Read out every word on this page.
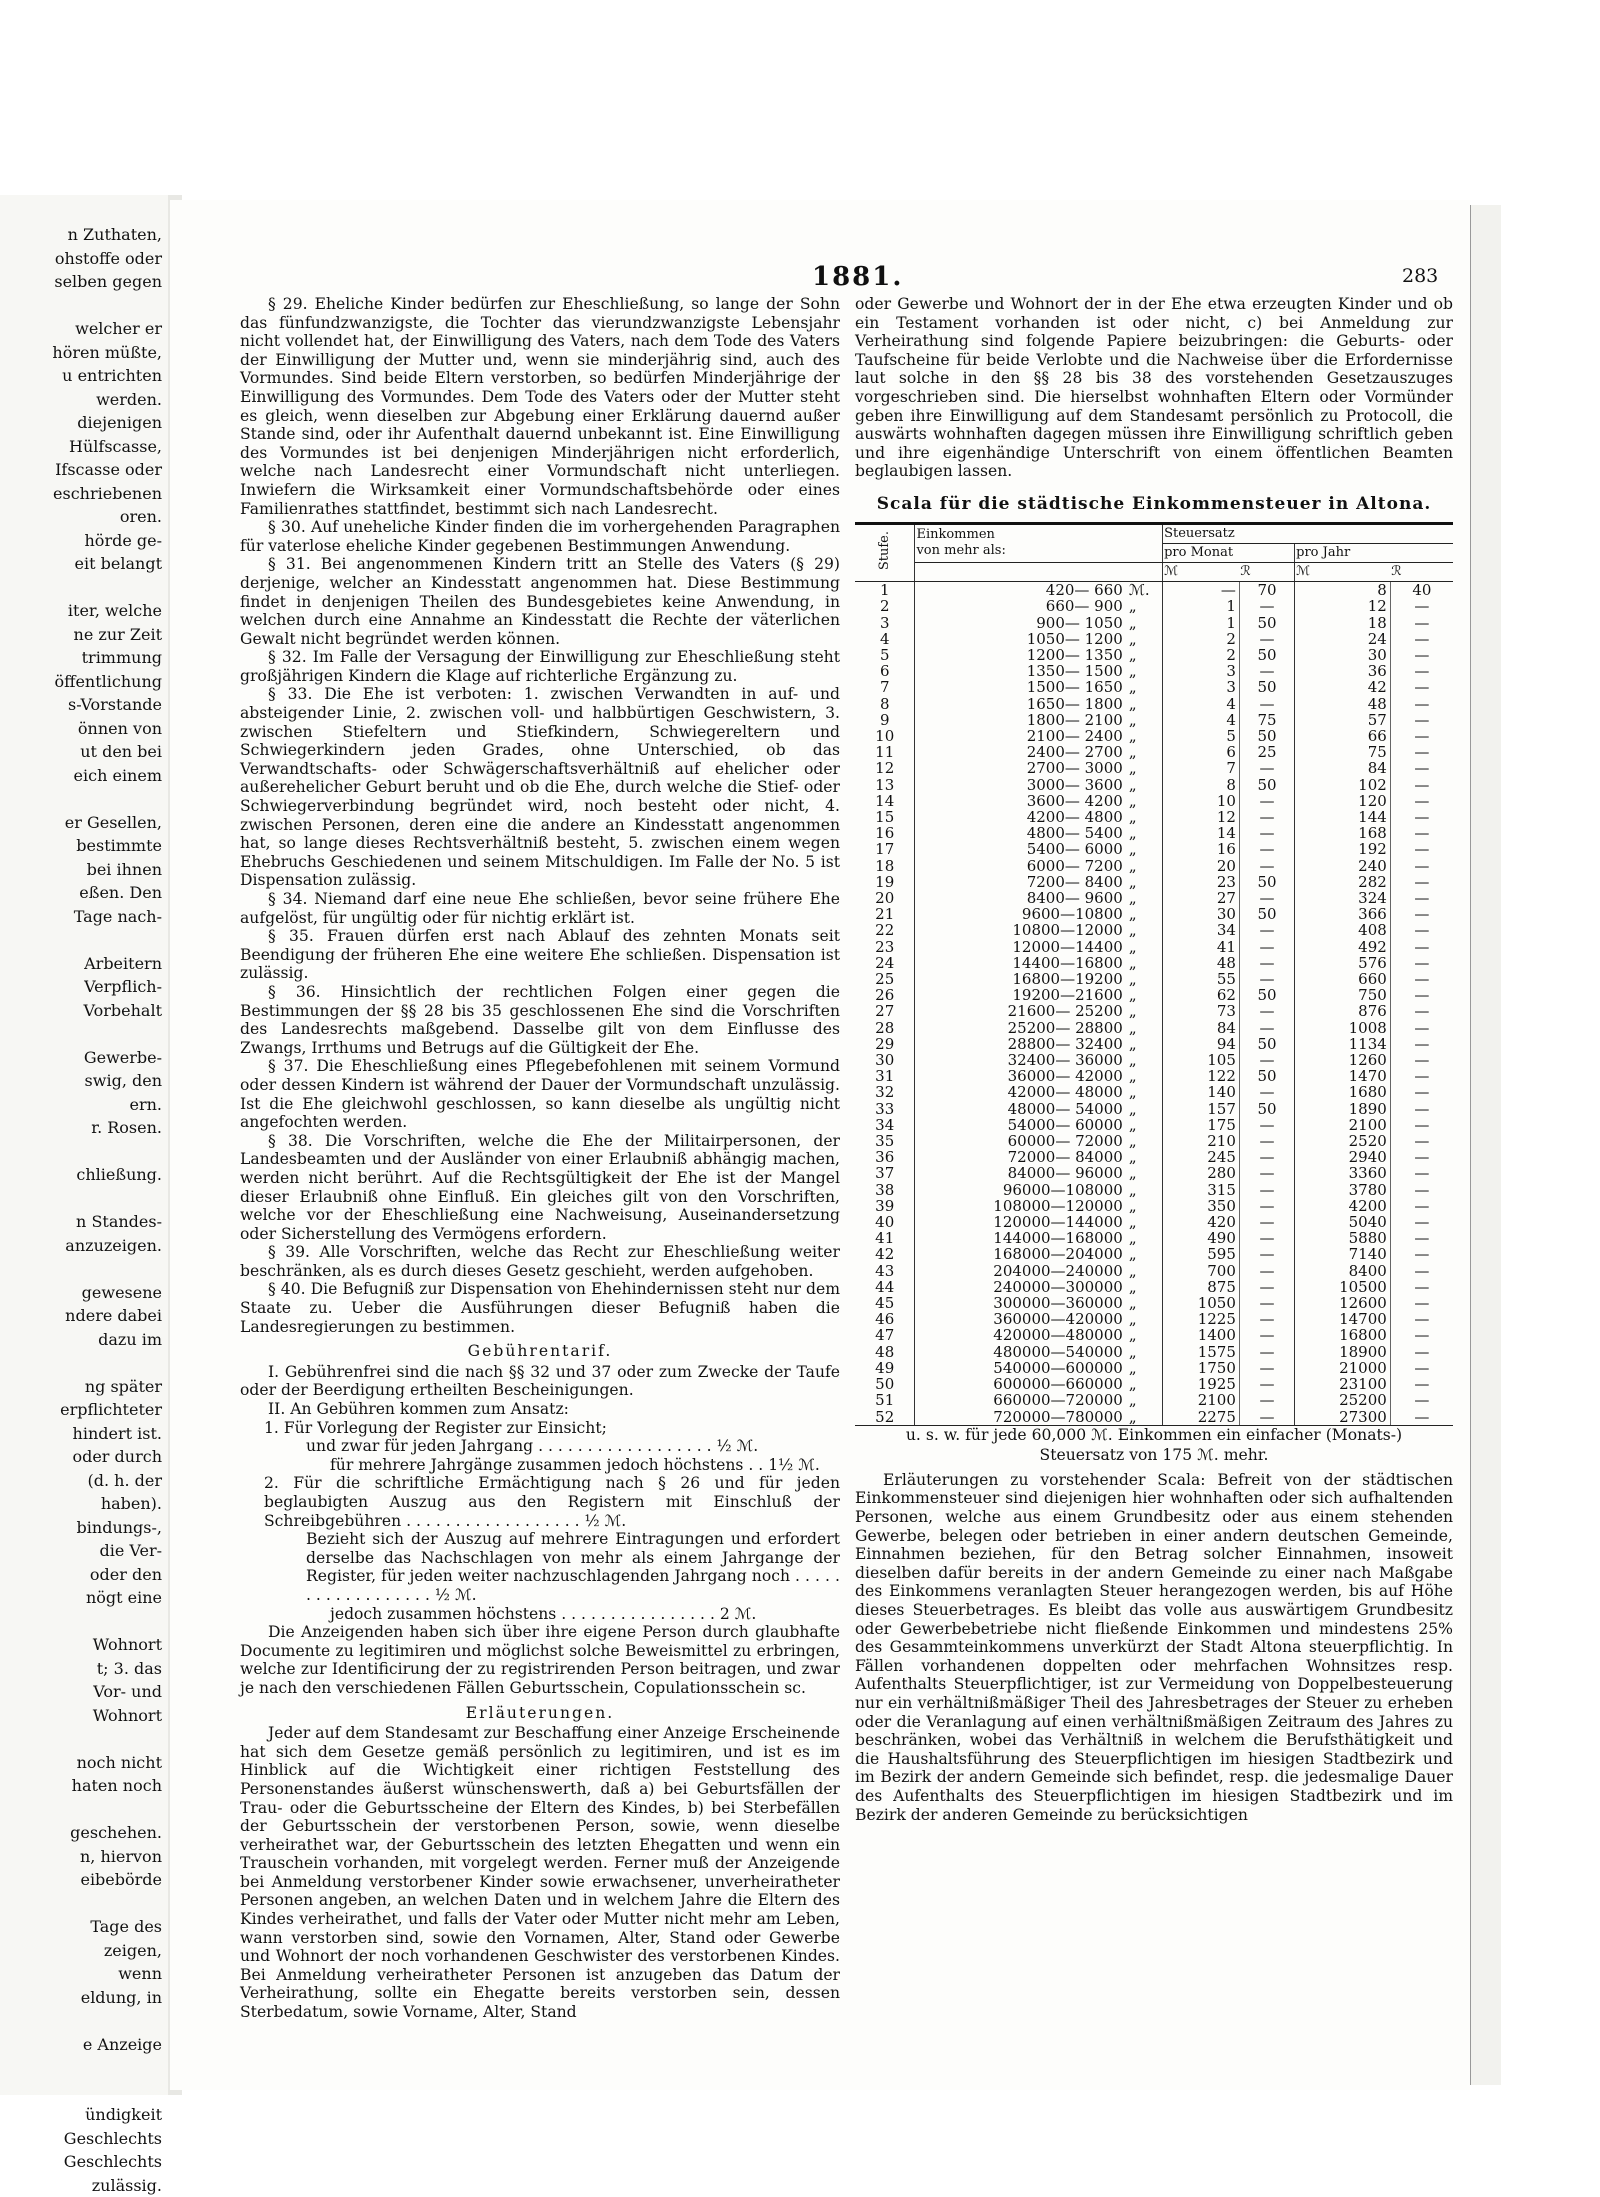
n Zuthaten,
ohstoffe oder
selben gegen

welcher er
hören müßte,
u entrichten
werden.
diejenigen
Hülfscasse,
Ifscasse oder
eschriebenen
oren.
hörde ge-
eit belangt

iter, welche
ne zur Zeit
trimmung
öffentlichung
s-Vorstande
önnen von
ut den bei
eich einem

er Gesellen,
bestimmte
bei ihnen
eßen. Den
Tage nach-

Arbeitern
Verpflich-
Vorbehalt

Gewerbe-
swig, den
ern.
r. Rosen.

chließung.

n Standes-
anzuzeigen.

gewesene
ndere dabei
dazu im

ng später
erpflichteter
hindert ist.
oder durch
(d. h. der
haben).
bindungs-,
die Ver-
oder den
nögt eine

Wohnort
t; 3. das
Vor- und
Wohnort

noch nicht
haten noch

geschehen.
n, hiervon
eibebörde

Tage des
zeigen,
wenn
eldung, in

e Anzeige

ündigkeit
Geschlechts
Geschlechts
zulässig.
1881.	283

§ 29. Eheliche Kinder bedürfen zur Eheschließung, so lange der Sohn das fünfundzwanzigste, die Tochter das vierundzwanzigste Lebensjahr nicht vollendet hat, der Einwilligung des Vaters, nach dem Tode des Vaters der Einwilligung der Mutter und, wenn sie minderjährig sind, auch des Vormundes. Sind beide Eltern verstorben, so bedürfen Minderjährige der Einwilligung des Vormundes. Dem Tode des Vaters oder der Mutter steht es gleich, wenn dieselben zur Abgebung einer Erklärung dauernd außer Stande sind, oder ihr Aufenthalt dauernd unbekannt ist. Eine Einwilligung des Vormundes ist bei denjenigen Minderjährigen nicht erforderlich, welche nach Landesrecht einer Vormundschaft nicht unterliegen. Inwiefern die Wirksamkeit einer Vormundschaftsbehörde oder eines Familienrathes stattfindet, bestimmt sich nach Landesrecht.

§ 30. Auf uneheliche Kinder finden die im vorhergehenden Paragraphen für vaterlose eheliche Kinder gegebenen Bestimmungen Anwendung.

§ 31. Bei angenommenen Kindern tritt an Stelle des Vaters (§ 29) derjenige, welcher an Kindesstatt angenommen hat. Diese Bestimmung findet in denjenigen Theilen des Bundesgebietes keine Anwendung, in welchen durch eine Annahme an Kindesstatt die Rechte der väterlichen Gewalt nicht begründet werden können.

§ 32. Im Falle der Versagung der Einwilligung zur Eheschließung steht großjährigen Kindern die Klage auf richterliche Ergänzung zu.

§ 33. Die Ehe ist verboten: 1. zwischen Verwandten in auf- und absteigender Linie, 2. zwischen voll- und halbbürtigen Geschwistern, 3. zwischen Stiefeltern und Stiefkindern, Schwiegereltern und Schwiegerkindern jeden Grades, ohne Unterschied, ob das Verwandtschafts- oder Schwägerschaftsverhältniß auf ehelicher oder außerehelicher Geburt beruht und ob die Ehe, durch welche die Stief- oder Schwiegerverbindung begründet wird, noch besteht oder nicht, 4. zwischen Personen, deren eine die andere an Kindesstatt angenommen hat, so lange dieses Rechtsverhältniß besteht, 5. zwischen einem wegen Ehebruchs Geschiedenen und seinem Mitschuldigen. Im Falle der No. 5 ist Dispensation zulässig.

§ 34. Niemand darf eine neue Ehe schließen, bevor seine frühere Ehe aufgelöst, für ungültig oder für nichtig erklärt ist.

§ 35. Frauen dürfen erst nach Ablauf des zehnten Monats seit Beendigung der früheren Ehe eine weitere Ehe schließen. Dispensation ist zulässig.

§ 36. Hinsichtlich der rechtlichen Folgen einer gegen die Bestimmungen der §§ 28 bis 35 geschlossenen Ehe sind die Vorschriften des Landesrechts maßgebend. Dasselbe gilt von dem Einflusse des Zwangs, Irrthums und Betrugs auf die Gültigkeit der Ehe.

§ 37. Die Eheschließung eines Pflegebefohlenen mit seinem Vormund oder dessen Kindern ist während der Dauer der Vormundschaft unzulässig. Ist die Ehe gleichwohl geschlossen, so kann dieselbe als ungültig nicht angefochten werden.

§ 38. Die Vorschriften, welche die Ehe der Militairpersonen, der Landesbeamten und der Ausländer von einer Erlaubniß abhängig machen, werden nicht berührt. Auf die Rechtsgültigkeit der Ehe ist der Mangel dieser Erlaubniß ohne Einfluß. Ein gleiches gilt von den Vorschriften, welche vor der Eheschließung eine Nachweisung, Auseinandersetzung oder Sicherstellung des Vermögens erfordern.

§ 39. Alle Vorschriften, welche das Recht zur Eheschließung weiter beschränken, als es durch dieses Gesetz geschieht, werden aufgehoben.

§ 40. Die Befugniß zur Dispensation von Ehehindernissen steht nur dem Staate zu. Ueber die Ausführungen dieser Befugniß haben die Landesregierungen zu bestimmen.

Gebührentarif.

I. Gebührenfrei sind die nach §§ 32 und 37 oder zum Zwecke der Taufe oder der Beerdigung ertheilten Bescheinigungen.

II. An Gebühren kommen zum Ansatz:

1. Für Vorlegung der Register zur Einsicht;

und zwar für jeden Jahrgang . . . . . . . . . . . . . . . . . . ½ ℳ.

für mehrere Jahrgänge zusammen jedoch höchstens . . 1½ ℳ.

2. Für die schriftliche Ermächtigung nach § 26 und für jeden beglaubigten Auszug aus den Registern mit Einschluß der Schreibgebühren . . . . . . . . . . . . . . . . . . ½ ℳ.

Bezieht sich der Auszug auf mehrere Eintragungen und erfordert derselbe das Nachschlagen von mehr als einem Jahrgange der Register, für jeden weiter nachzuschlagenden Jahrgang noch . . . . . . . . . . . . . . . . . . ½ ℳ.

jedoch zusammen höchstens . . . . . . . . . . . . . . . . 2 ℳ.

Die Anzeigenden haben sich über ihre eigene Person durch glaubhafte Documente zu legitimiren und möglichst solche Beweismittel zu erbringen, welche zur Identificirung der zu registrirenden Person beitragen, und zwar je nach den verschiedenen Fällen Geburtsschein, Copulationsschein sc.

Erläuterungen.

Jeder auf dem Standesamt zur Beschaffung einer Anzeige Erscheinende hat sich dem Gesetze gemäß persönlich zu legitimiren, und ist es im Hinblick auf die Wichtigkeit einer richtigen Feststellung des Personenstandes äußerst wünschenswerth, daß a) bei Geburtsfällen der Trau- oder die Geburtsscheine der Eltern des Kindes, b) bei Sterbefällen der Geburtsschein der verstorbenen Person, sowie, wenn dieselbe verheirathet war, der Geburtsschein des letzten Ehegatten und wenn ein Trauschein vorhanden, mit vorgelegt werden. Ferner muß der Anzeigende bei Anmeldung verstorbener Kinder sowie erwachsener, unverheiratheter Personen angeben, an welchen Daten und in welchem Jahre die Eltern des Kindes verheirathet, und falls der Vater oder Mutter nicht mehr am Leben, wann verstorben sind, sowie den Vornamen, Alter, Stand oder Gewerbe und Wohnort der noch vorhandenen Geschwister des verstorbenen Kindes. Bei Anmeldung verheiratheter Personen ist anzugeben das Datum der Verheirathung, sollte ein Ehegatte bereits verstorben sein, dessen Sterbedatum, sowie Vorname, Alter, Stand

oder Gewerbe und Wohnort der in der Ehe etwa erzeugten Kinder und ob ein Testament vorhanden ist oder nicht, c) bei Anmeldung zur Verheirathung sind folgende Papiere beizubringen: die Geburts- oder Taufscheine für beide Verlobte und die Nachweise über die Erfordernisse laut solche in den §§ 28 bis 38 des vorstehenden Gesetzauszuges vorgeschrieben sind. Die hierselbst wohnhaften Eltern oder Vormünder geben ihre Einwilligung auf dem Standesamt persönlich zu Protocoll, die auswärts wohnhaften dagegen müssen ihre Einwilligung schriftlich geben und ihre eigenhändige Unterschrift von einem öffentlichen Beamten beglaubigen lassen.

Scala für die städtische Einkommensteuer in Altona.
Stufe.	Einkommen
von mehr als:		Steuersatz			
			pro Monat		pro Jahr	
			ℳ	ℛ	ℳ	ℛ
1	420— 660	ℳ.	—	70	8	40
2	660— 900	„	1	—	12	—
3	900— 1050	„	1	50	18	—
4	1050— 1200	„	2	—	24	—
5	1200— 1350	„	2	50	30	—
6	1350— 1500	„	3	—	36	—
7	1500— 1650	„	3	50	42	—
8	1650— 1800	„	4	—	48	—
9	1800— 2100	„	4	75	57	—
10	2100— 2400	„	5	50	66	—
11	2400— 2700	„	6	25	75	—
12	2700— 3000	„	7	—	84	—
13	3000— 3600	„	8	50	102	—
14	3600— 4200	„	10	—	120	—
15	4200— 4800	„	12	—	144	—
16	4800— 5400	„	14	—	168	—
17	5400— 6000	„	16	—	192	—
18	6000— 7200	„	20	—	240	—
19	7200— 8400	„	23	50	282	—
20	8400— 9600	„	27	—	324	—
21	9600—10800	„	30	50	366	—
22	10800—12000	„	34	—	408	—
23	12000—14400	„	41	—	492	—
24	14400—16800	„	48	—	576	—
25	16800—19200	„	55	—	660	—
26	19200—21600	„	62	50	750	—
27	21600— 25200	„	73	—	876	—
28	25200— 28800	„	84	—	1008	—
29	28800— 32400	„	94	50	1134	—
30	32400— 36000	„	105	—	1260	—
31	36000— 42000	„	122	50	1470	—
32	42000— 48000	„	140	—	1680	—
33	48000— 54000	„	157	50	1890	—
34	54000— 60000	„	175	—	2100	—
35	60000— 72000	„	210	—	2520	—
36	72000— 84000	„	245	—	2940	—
37	84000— 96000	„	280	—	3360	—
38	96000—108000	„	315	—	3780	—
39	108000—120000	„	350	—	4200	—
40	120000—144000	„	420	—	5040	—
41	144000—168000	„	490	—	5880	—
42	168000—204000	„	595	—	7140	—
43	204000—240000	„	700	—	8400	—
44	240000—300000	„	875	—	10500	—
45	300000—360000	„	1050	—	12600	—
46	360000—420000	„	1225	—	14700	—
47	420000—480000	„	1400	—	16800	—
48	480000—540000	„	1575	—	18900	—
49	540000—600000	„	1750	—	21000	—
50	600000—660000	„	1925	—	23100	—
51	660000—720000	„	2100	—	25200	—
52	720000—780000	„	2275	—	27300	—

u. s. w. für jede 60,000 ℳ. Einkommen ein einfacher (Monats-)

Steuersatz von 175 ℳ. mehr.

Erläuterungen zu vorstehender Scala: Befreit von der städtischen Einkommensteuer sind diejenigen hier wohnhaften oder sich aufhaltenden Personen, welche aus einem Grundbesitz oder aus einem stehenden Gewerbe, belegen oder betrieben in einer andern deutschen Gemeinde, Einnahmen beziehen, für den Betrag solcher Einnahmen, insoweit dieselben dafür bereits in der andern Gemeinde zu einer nach Maßgabe des Einkommens veranlagten Steuer herangezogen werden, bis auf Höhe dieses Steuerbetrages. Es bleibt das volle aus auswärtigem Grundbesitz oder Gewerbebetriebe nicht fließende Einkommen und mindestens 25% des Gesammteinkommens unverkürzt der Stadt Altona steuerpflichtig. In Fällen vorhandenen doppelten oder mehrfachen Wohnsitzes resp. Aufenthalts Steuerpflichtiger, ist zur Vermeidung von Doppelbesteuerung nur ein verhältnißmäßiger Theil des Jahresbetrages der Steuer zu erheben oder die Veranlagung auf einen verhältnißmäßigen Zeitraum des Jahres zu beschränken, wobei das Verhältniß in welchem die Berufsthätigkeit und die Haushaltsführung des Steuerpflichtigen im hiesigen Stadtbezirk und im Bezirk der andern Gemeinde sich befindet, resp. die jedesmalige Dauer des Aufenthalts des Steuerpflichtigen im hiesigen Stadtbezirk und im Bezirk der anderen Gemeinde zu berücksichtigen
